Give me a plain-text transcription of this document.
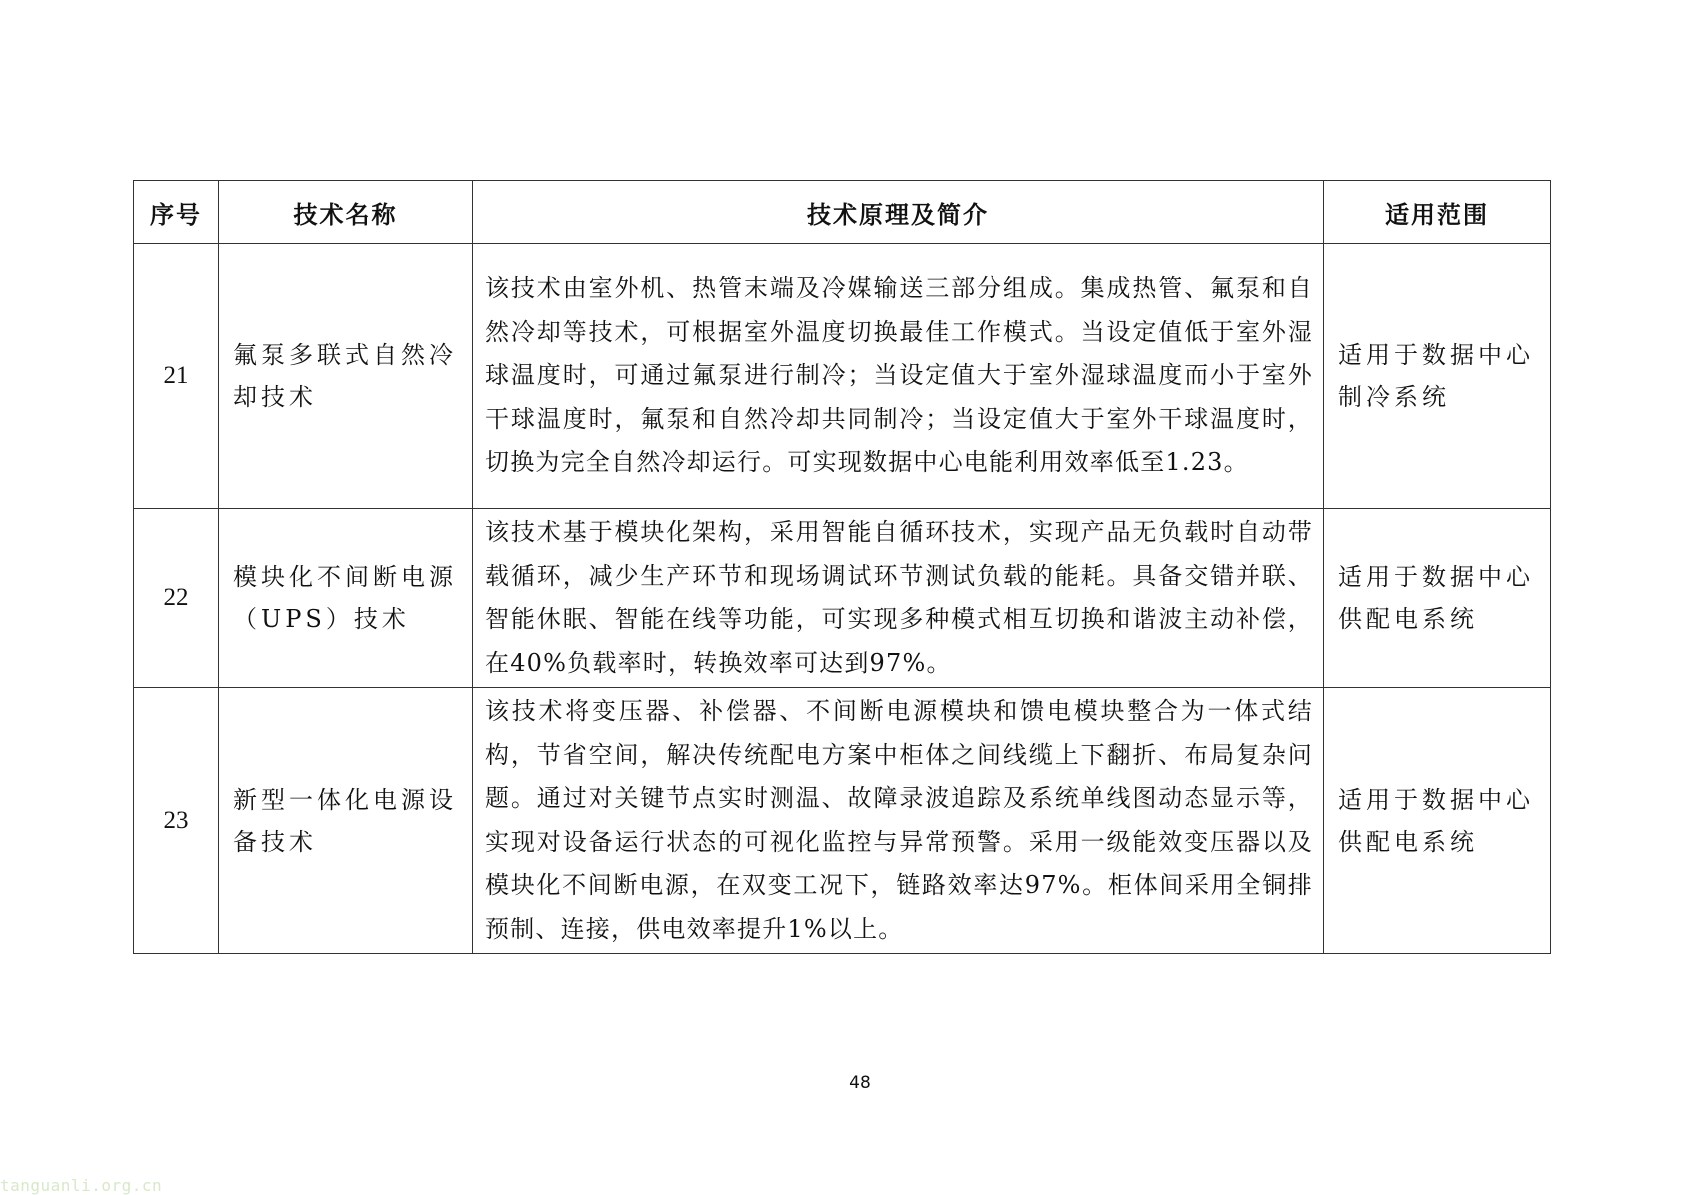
序号	技术名称	技术原理及简介	适用范围
21	氟泵多联式自然冷却技术	该技术由室外机、热管末端及冷媒输送三部分组成。集成热管、氟泵和自然冷却等技术，可根据室外温度切换最佳工作模式。当设定值低于室外湿球温度时，可通过氟泵进行制冷；当设定值大于室外湿球温度而小于室外干球温度时，氟泵和自然冷却共同制冷；当设定值大于室外干球温度时，切换为完全自然冷却运行。可实现数据中心电能利用效率低至1.23。	适用于数据中心制冷系统
22	模块化不间断电源（UPS）技术	该技术基于模块化架构，采用智能自循环技术，实现产品无负载时自动带载循环，减少生产环节和现场调试环节测试负载的能耗。具备交错并联、智能休眠、智能在线等功能，可实现多种模式相互切换和谐波主动补偿，在40%负载率时，转换效率可达到97%。	适用于数据中心供配电系统
23	新型一体化电源设备技术	该技术将变压器、补偿器、不间断电源模块和馈电模块整合为一体式结构，节省空间，解决传统配电方案中柜体之间线缆上下翻折、布局复杂问题。通过对关键节点实时测温、故障录波追踪及系统单线图动态显示等，实现对设备运行状态的可视化监控与异常预警。采用一级能效变压器以及模块化不间断电源，在双变工况下，链路效率达97%。柜体间采用全铜排预制、连接，供电效率提升1%以上。	适用于数据中心供配电系统
48
tanguanli.org.cn
